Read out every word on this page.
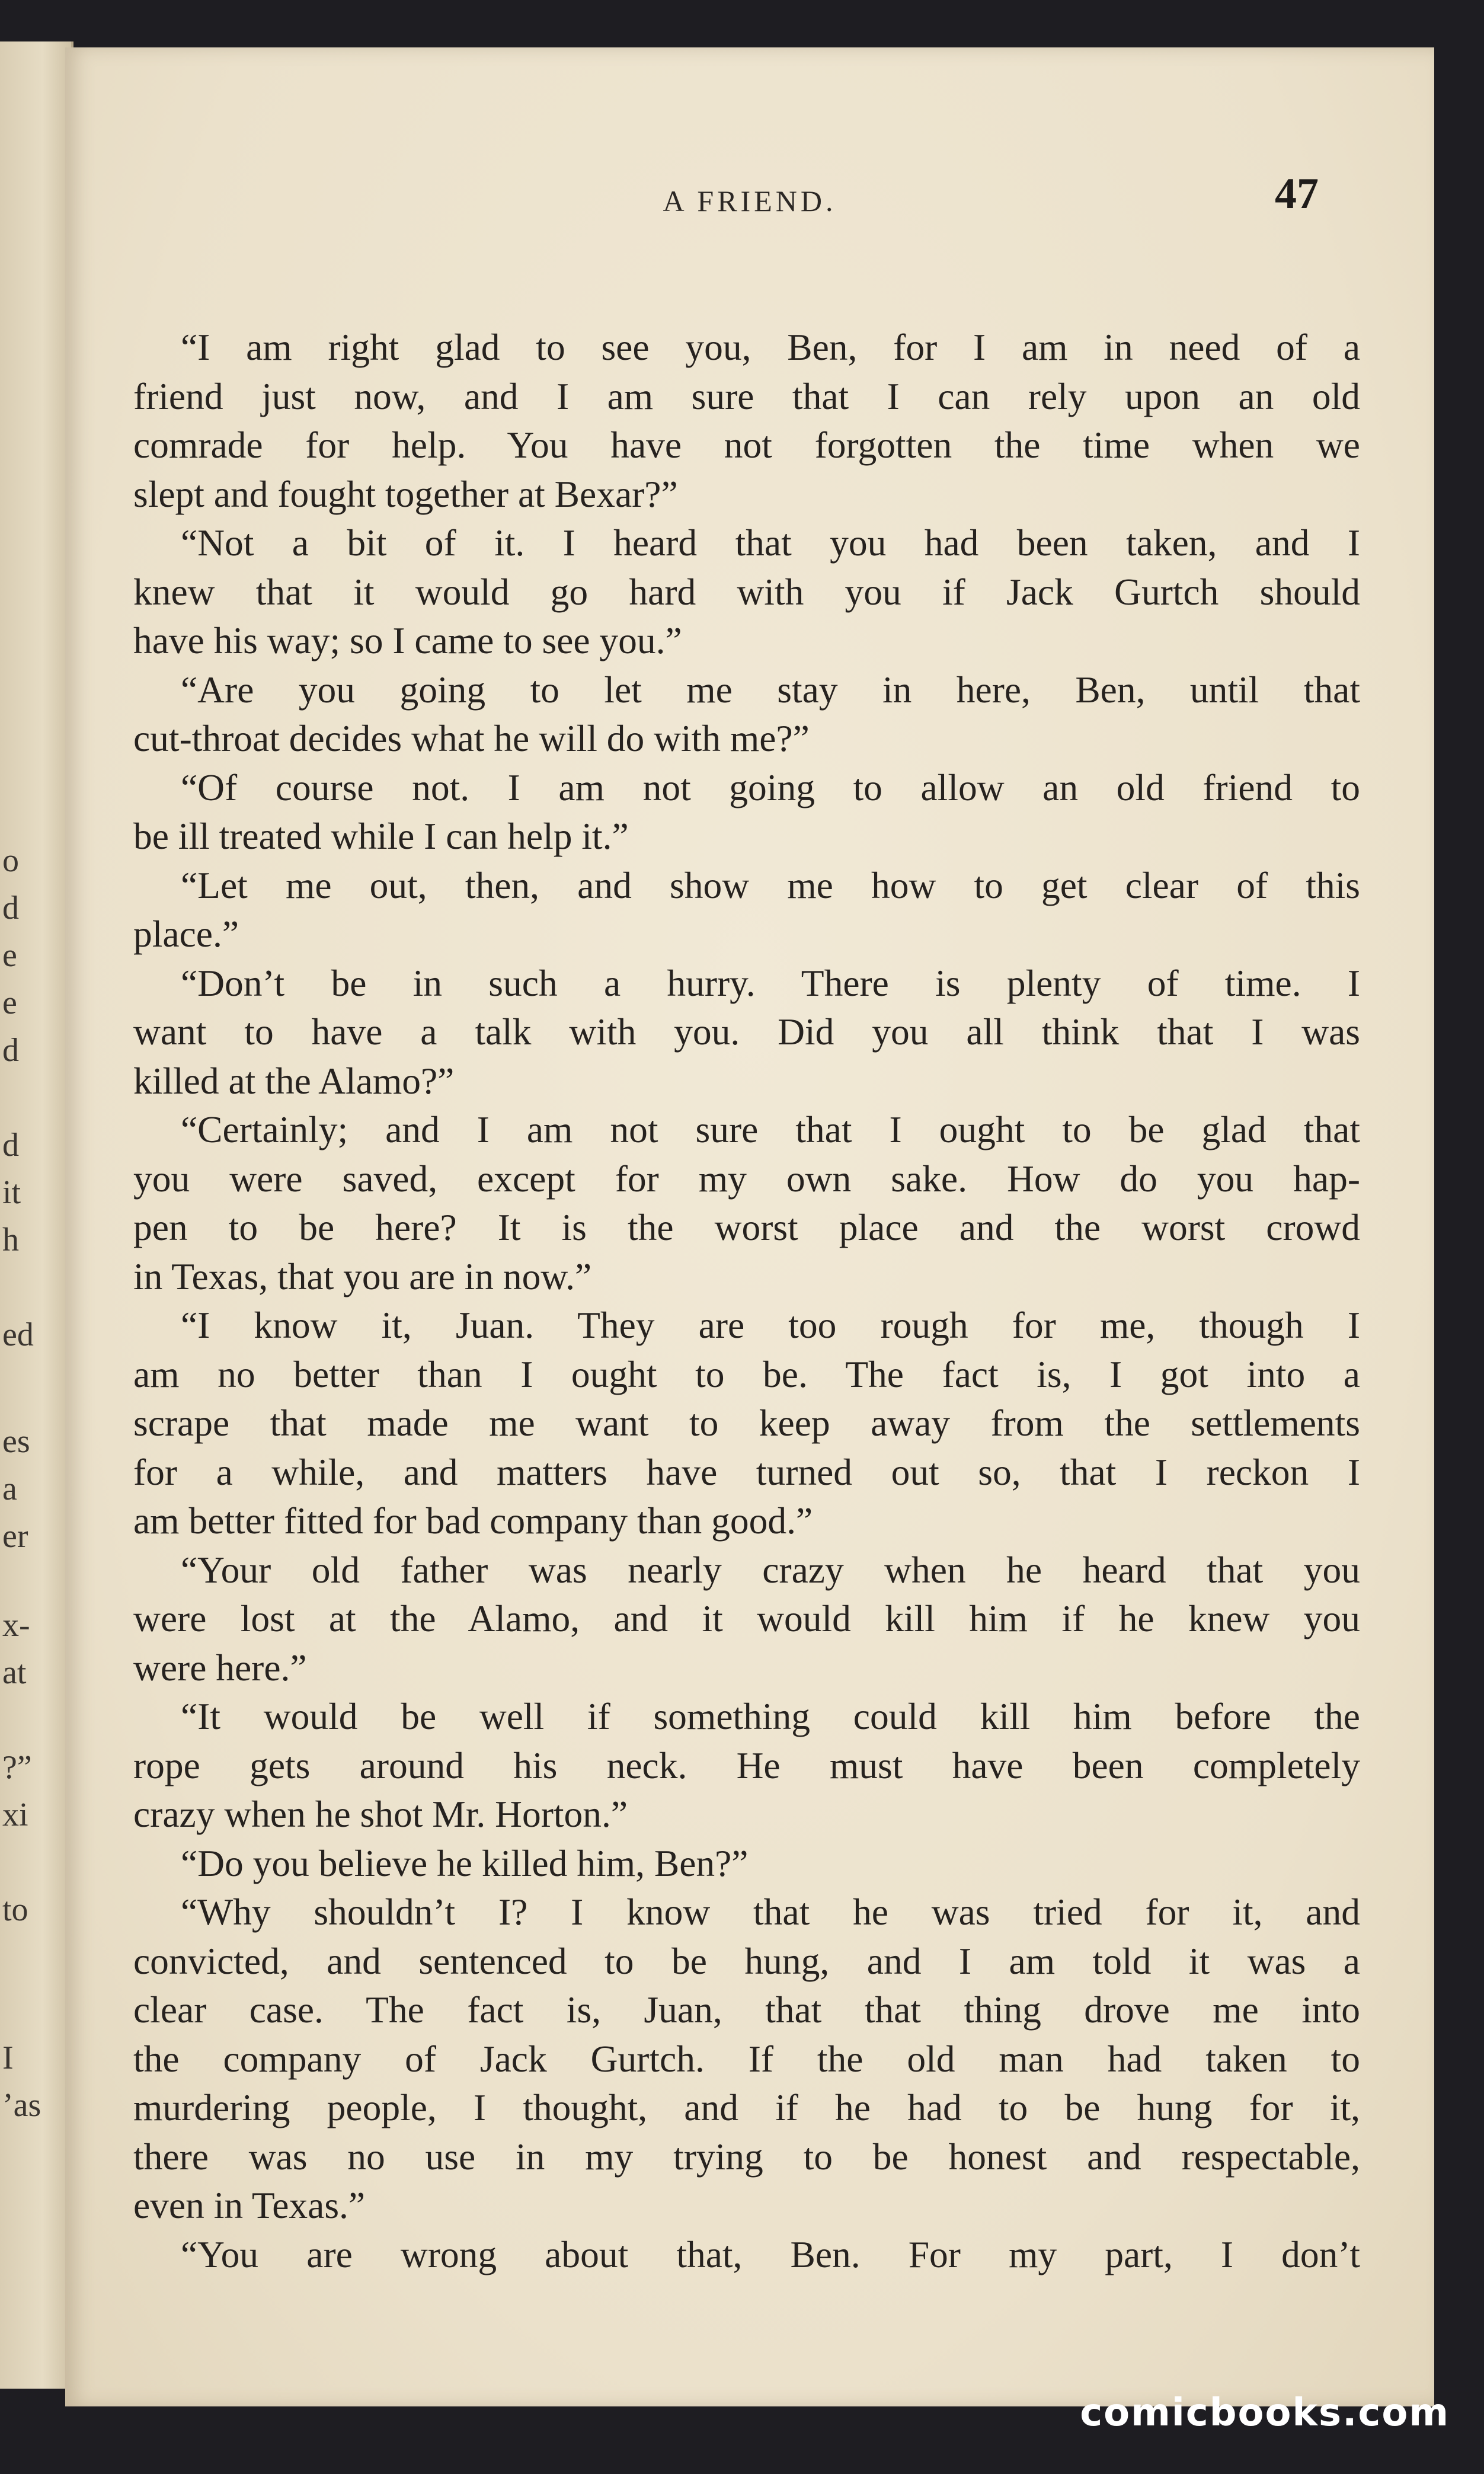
o
d
e
e
d
d
it
h
ed
es
a
er
x-
at
?”
xi
to
I
’as
A FRIEND.	47
“I am right glad to see you, Ben, for I am in need of a
friend just now, and I am sure that I can rely upon an old
comrade for help. You have not forgotten the time when we
slept and fought together at Bexar?”
“Not a bit of it. I heard that you had been taken, and I
knew that it would go hard with you if Jack Gurtch should
have his way; so I came to see you.”
“Are you going to let me stay in here, Ben, until that
cut-throat decides what he will do with me?”
“Of course not. I am not going to allow an old friend to
be ill treated while I can help it.”
“Let me out, then, and show me how to get clear of this
place.”
“Don’t be in such a hurry. There is plenty of time. I
want to have a talk with you. Did you all think that I was
killed at the Alamo?”
“Certainly; and I am not sure that I ought to be glad that
you were saved, except for my own sake. How do you hap-
pen to be here? It is the worst place and the worst crowd
in Texas, that you are in now.”
“I know it, Juan. They are too rough for me, though I
am no better than I ought to be. The fact is, I got into a
scrape that made me want to keep away from the settlements
for a while, and matters have turned out so, that I reckon I
am better fitted for bad company than good.”
“Your old father was nearly crazy when he heard that you
were lost at the Alamo, and it would kill him if he knew you
were here.”
“It would be well if something could kill him before the
rope gets around his neck. He must have been completely
crazy when he shot Mr. Horton.”
“Do you believe he killed him, Ben?”
“Why shouldn’t I? I know that he was tried for it, and
convicted, and sentenced to be hung, and I am told it was a
clear case. The fact is, Juan, that that thing drove me into
the company of Jack Gurtch. If the old man had taken to
murdering people, I thought, and if he had to be hung for it,
there was no use in my trying to be honest and respectable,
even in Texas.”
“You are wrong about that, Ben. For my part, I don’t
comicbooks.com
